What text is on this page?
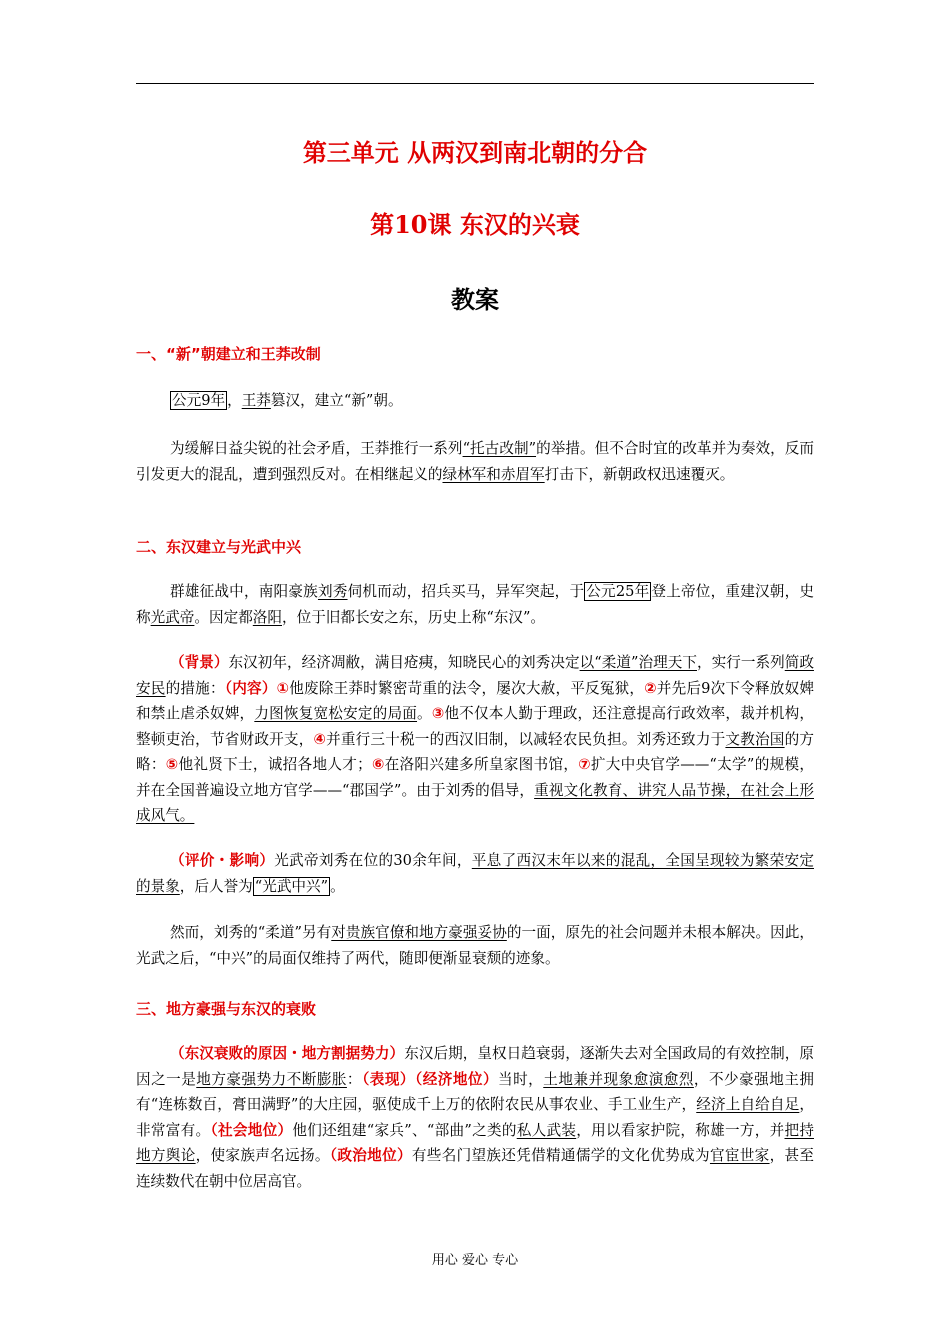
第三单元 从两汉到南北朝的分合
第10课 东汉的兴衰
教案
一、“新”朝建立和王莽改制

公元9年 ，王莽篡汉，建立“新”朝。

为缓解日益尖锐的社会矛盾，王莽推行一系列“托古改制”的举措。但不合时宜的改革并为奏效，反而引发更大的混乱，遭到强烈反对。在相继起义的绿林军和赤眉军打击下，新朝政权迅速覆灭。

二、东汉建立与光武中兴

群雄征战中，南阳豪族刘秀伺机而动，招兵买马，异军突起，于 公元25年 登上帝位，重建汉朝，史称光武帝。因定都洛阳，位于旧都长安之东，历史上称“东汉”。

（背景）东汉初年，经济凋敝，满目疮痍，知晓民心的刘秀决定以“柔道”治理天下，实行一系列简政安民的措施：（内容）①他废除王莽时繁密苛重的法令，屡次大赦，平反冤狱，②并先后9次下令释放奴婢和禁止虐杀奴婢，力图恢复宽松安定的局面。③他不仅本人勤于理政，还注意提高行政效率，裁并机构，整顿吏治，节省财政开支，④并重行三十税一的西汉旧制，以减轻农民负担。刘秀还致力于文教治国的方略：⑤他礼贤下士，诚招各地人才；⑥在洛阳兴建多所皇家图书馆，⑦扩大中央官学——“太学”的规模，并在全国普遍设立地方官学——“郡国学”。由于刘秀的倡导，重视文化教育、讲究人品节操，在社会上形成风气。

（评价・影响）光武帝刘秀在位的30余年间，平息了西汉末年以来的混乱，全国呈现较为繁荣安定的景象，后人誉为 “光武中兴” 。

然而，刘秀的“柔道”另有对贵族官僚和地方豪强妥协的一面，原先的社会问题并未根本解决。因此，光武之后，“中兴”的局面仅维持了两代，随即便渐显衰颓的迹象。

三、地方豪强与东汉的衰败

（东汉衰败的原因・地方割据势力）东汉后期，皇权日趋衰弱，逐渐失去对全国政局的有效控制，原因之一是地方豪强势力不断膨胀：（表现）（经济地位）当时，土地兼并现象愈演愈烈，不少豪强地主拥有“连栋数百，膏田满野”的大庄园，驱使成千上万的依附农民从事农业、手工业生产，经济上自给自足，非常富有。（社会地位）他们还组建“家兵”、“部曲”之类的私人武装，用以看家护院，称雄一方，并把持地方舆论，使家族声名远扬。（政治地位）有些名门望族还凭借精通儒学的文化优势成为官宦世家，甚至连续数代在朝中位居高官。

用心 爱心 专心
